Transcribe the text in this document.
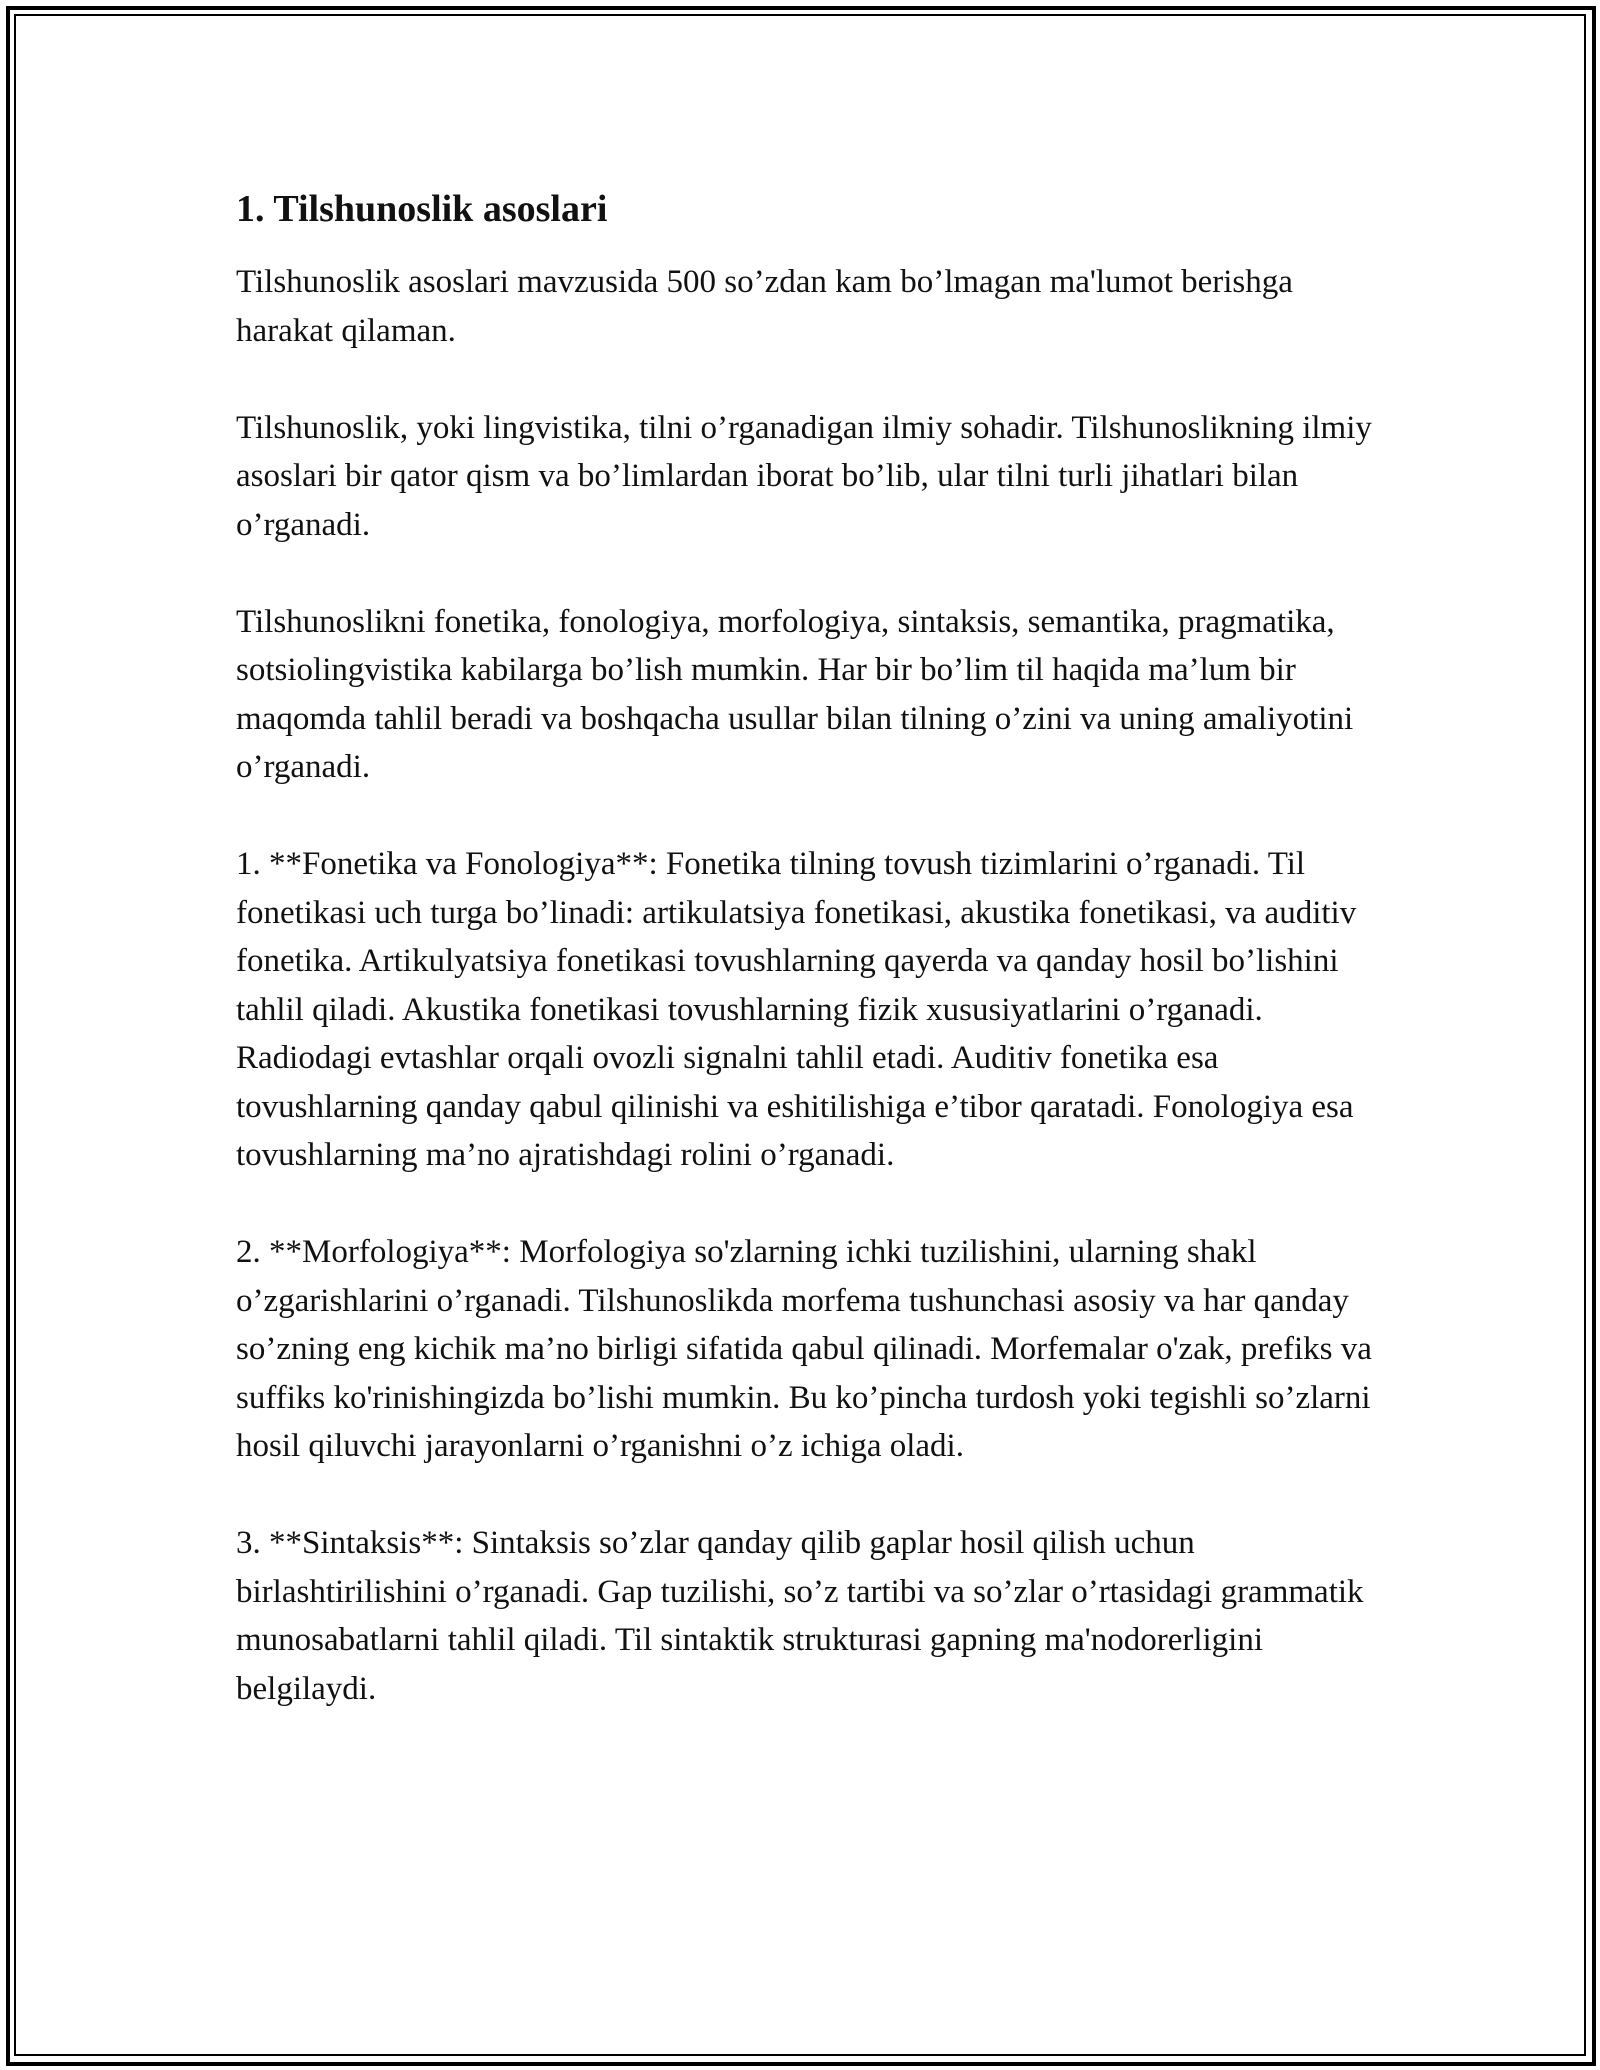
1. Tilshunoslik asoslari

Tilshunoslik asoslari mavzusida 500 so’zdan kam bo’lmagan ma'lumot berishga harakat qilaman.

Tilshunoslik, yoki lingvistika, tilni o’rganadigan ilmiy sohadir. Tilshunoslikning ilmiy asoslari bir qator qism va bo’limlardan iborat bo’lib, ular tilni turli jihatlari bilan o’rganadi.

Tilshunoslikni fonetika, fonologiya, morfologiya, sintaksis, semantika, pragmatika, sotsiolingvistika kabilarga bo’lish mumkin. Har bir bo’lim til haqida ma’lum bir maqomda tahlil beradi va boshqacha usullar bilan tilning o’zini va uning amaliyotini o’rganadi.

1. **Fonetika va Fonologiya**: Fonetika tilning tovush tizimlarini o’rganadi. Til fonetikasi uch turga bo’linadi: artikulatsiya fonetikasi, akustika fonetikasi, va auditiv fonetika. Artikulyatsiya fonetikasi tovushlarning qayerda va qanday hosil bo’lishini tahlil qiladi. Akustika fonetikasi tovushlarning fizik xususiyatlarini o’rganadi. Radiodagi evtashlar orqali ovozli signalni tahlil etadi. Auditiv fonetika esa tovushlarning qanday qabul qilinishi va eshitilishiga e’tibor qaratadi. Fonologiya esa tovushlarning ma’no ajratishdagi rolini o’rganadi.

2. **Morfologiya**: Morfologiya so'zlarning ichki tuzilishini, ularning shakl o’zgarishlarini o’rganadi. Tilshunoslikda morfema tushunchasi asosiy va har qanday so’zning eng kichik ma’no birligi sifatida qabul qilinadi. Morfemalar o'zak, prefiks va suffiks ko'rinishingizda bo’lishi mumkin. Bu ko’pincha turdosh yoki tegishli so’zlarni hosil qiluvchi jarayonlarni o’rganishni o’z ichiga oladi.

3. **Sintaksis**: Sintaksis so’zlar qanday qilib gaplar hosil qilish uchun birlashtirilishini o’rganadi. Gap tuzilishi, so’z tartibi va so’zlar o’rtasidagi grammatik munosabatlarni tahlil qiladi. Til sintaktik strukturasi gapning ma'nodorerligini belgilaydi.
